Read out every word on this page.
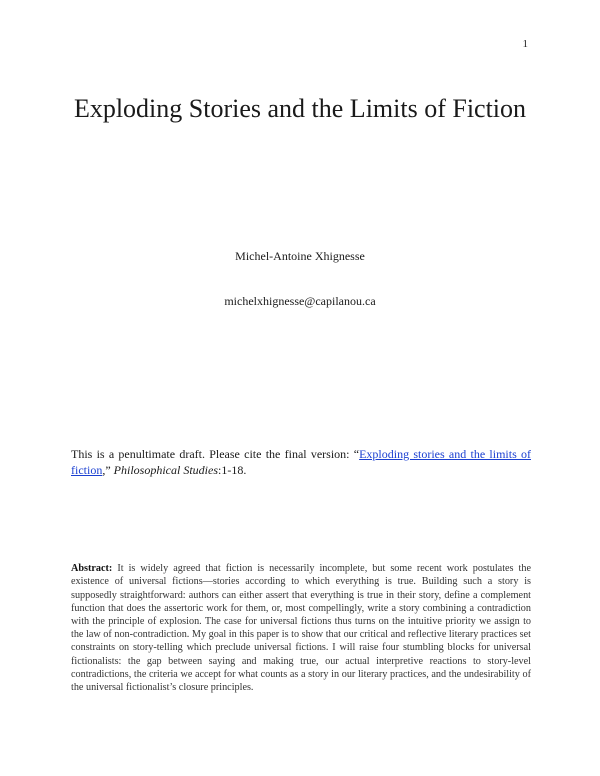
1
Exploding Stories and the Limits of Fiction
Michel-Antoine Xhignesse
michelxhignesse@capilanou.ca

This is a penultimate draft. Please cite the final version: “Exploding stories and the limits of fiction,” Philosophical Studies:1-18.

Abstract: It is widely agreed that fiction is necessarily incomplete, but some recent work postulates the existence of universal fictions—stories according to which everything is true. Building such a story is supposedly straightforward: authors can either assert that everything is true in their story, define a complement function that does the assertoric work for them, or, most compellingly, write a story combining a contradiction with the principle of explosion. The case for universal fictions thus turns on the intuitive priority we assign to the law of non-contradiction. My goal in this paper is to show that our critical and reflective literary practices set constraints on story-telling which preclude universal fictions. I will raise four stumbling blocks for universal fictionalists: the gap between saying and making true, our actual interpretive reactions to story-level contradictions, the criteria we accept for what counts as a story in our literary practices, and the undesirability of the universal fictionalist’s closure principles.
